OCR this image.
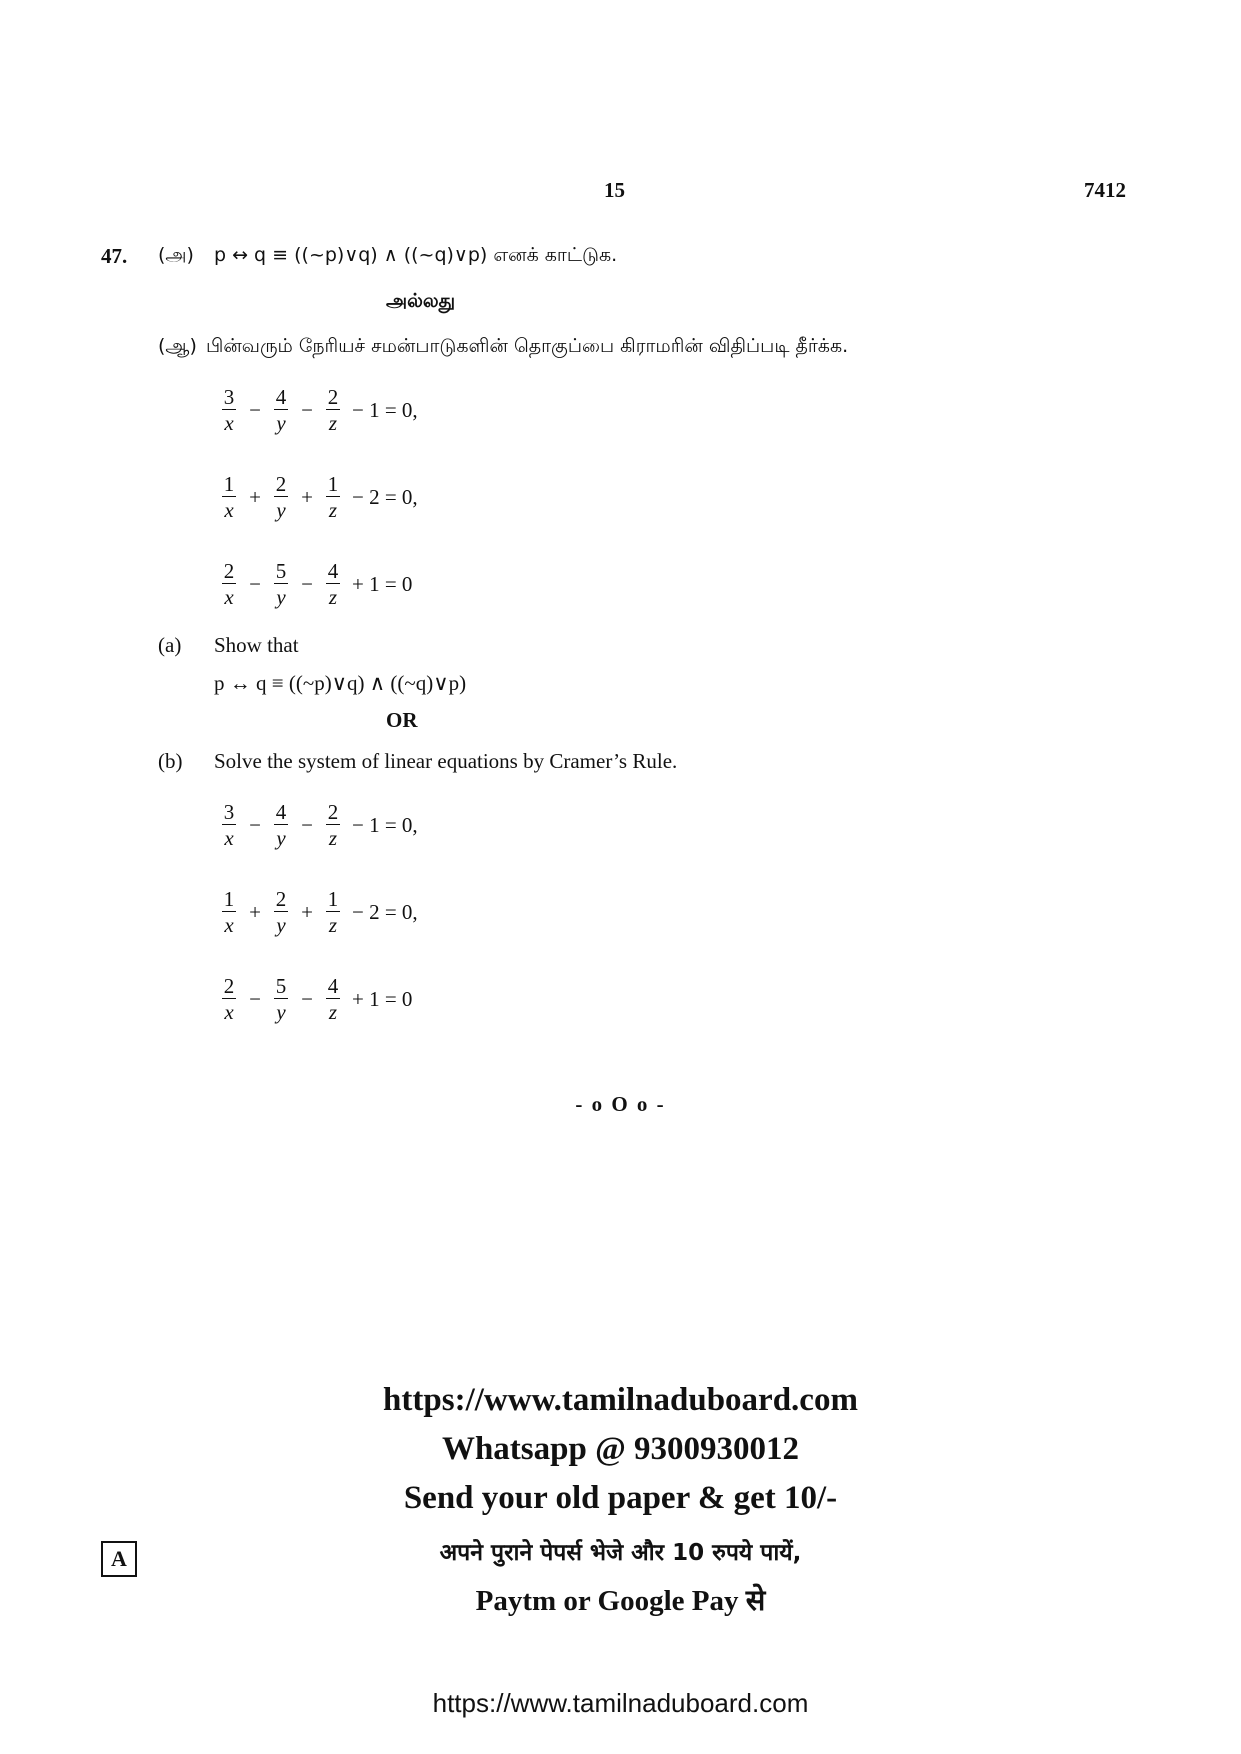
15	7412
47. (அ) p ↔ q ≡ ((~p)∨q) ∧ ((~q)∨p) எனக் காட்டுக.
அல்லது
(ஆ) பின்வரும் நேரியச் சமன்பாடுகளின் தொகுப்பை கிராமரின் விதிப்படி தீர்க்க.
$\frac{3}{x} - \frac{4}{y} - \frac{2}{z} - 1 = 0$,
$\frac{1}{x} + \frac{2}{y} + \frac{1}{z} - 2 = 0$,
$\frac{2}{x} - \frac{5}{y} - \frac{4}{z} + 1 = 0$
(a) Show that
p ↔ q ≡ ((~p)∨q) ∧ ((~q)∨p)
OR
(b) Solve the system of linear equations by Cramer’s Rule.
$\frac{3}{x} - \frac{4}{y} - \frac{2}{z} - 1 = 0$,
$\frac{1}{x} + \frac{2}{y} + \frac{1}{z} - 2 = 0$,
$\frac{2}{x} - \frac{5}{y} - \frac{4}{z} + 1 = 0$
- o O o -
https://www.tamilnaduboard.com
Whatsapp @ 9300930012
Send your old paper & get 10/-
अपने पुराने पेपर्स भेजे और 10 रुपये पायें,
Paytm or Google Pay से
A
https://www.tamilnaduboard.com
